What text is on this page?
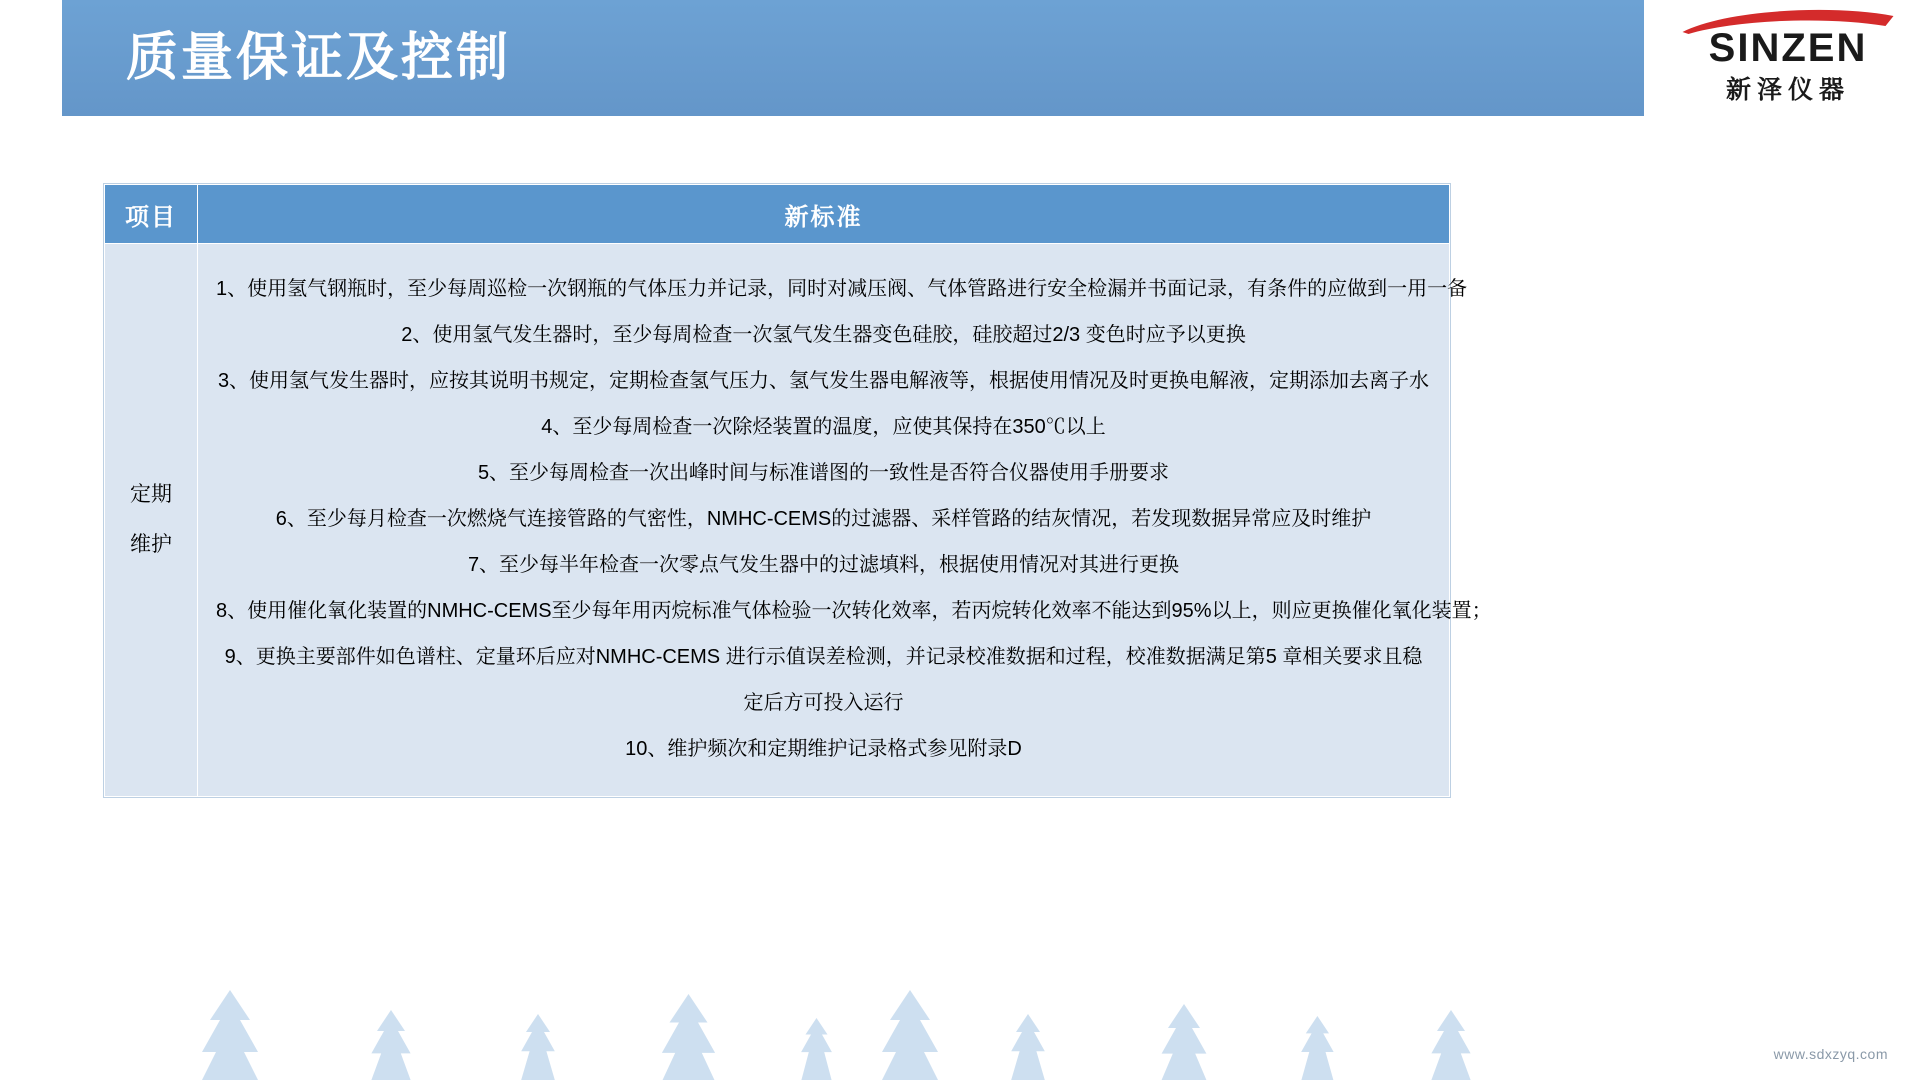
质量保证及控制	SINZEN
新泽仪器
项目	新标准

定期
维护

1、使用氢气钢瓶时，至少每周巡检一次钢瓶的气体压力并记录，同时对减压阀、气体管路进行安全检漏并书面记录，有条件的应做到一用一备
2、使用氢气发生器时，至少每周检查一次氢气发生器变色硅胶，硅胶超过2/3 变色时应予以更换
3、使用氢气发生器时，应按其说明书规定，定期检查氢气压力、氢气发生器电解液等，根据使用情况及时更换电解液，定期添加去离子水
4、至少每周检查一次除烃装置的温度，应使其保持在350℃以上
5、至少每周检查一次出峰时间与标准谱图的一致性是否符合仪器使用手册要求
6、至少每月检查一次燃烧气连接管路的气密性，NMHC-CEMS的过滤器、采样管路的结灰情况，若发现数据异常应及时维护
7、至少每半年检查一次零点气发生器中的过滤填料，根据使用情况对其进行更换
8、使用催化氧化装置的NMHC-CEMS至少每年用丙烷标准气体检验一次转化效率，若丙烷转化效率不能达到95%以上，则应更换催化氧化装置；
9、更换主要部件如色谱柱、定量环后应对NMHC-CEMS 进行示值误差检测，并记录校准数据和过程，校准数据满足第5 章相关要求且稳定后方可投入运行
10、维护频次和定期维护记录格式参见附录D
www.sdxzyq.com
